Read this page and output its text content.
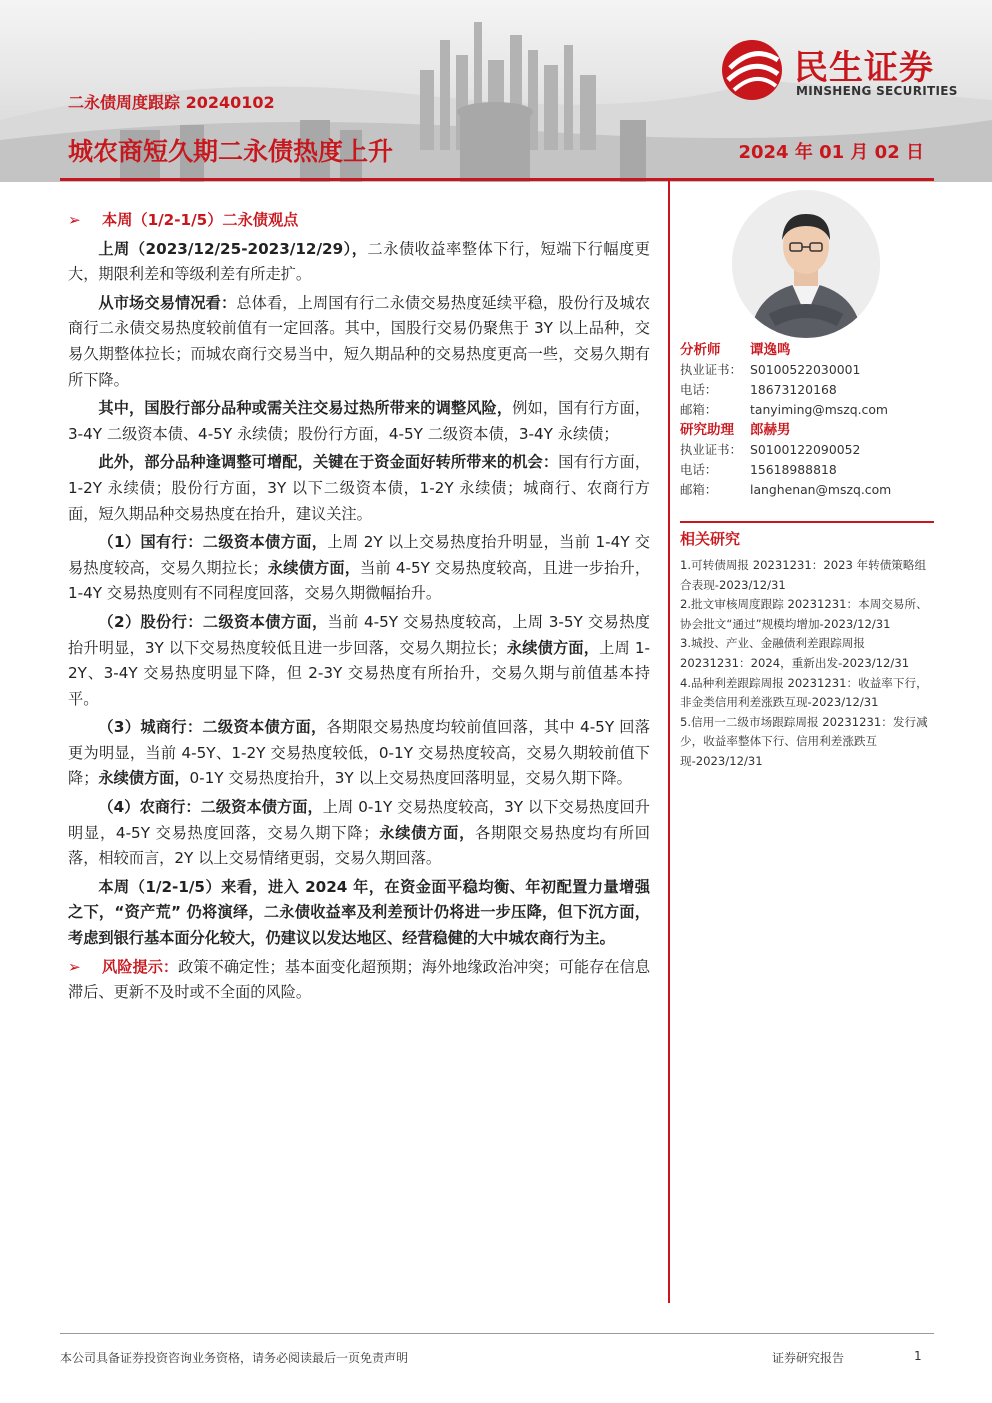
民生证券
MINSHENG SECURITIES
二永债周度跟踪 20240102
城农商短久期二永债热度上升	2024 年 01 月 02 日
➢ 本周（1/2-1/5）二永债观点
上周（2023/12/25-2023/12/29），二永债收益率整体下行，短端下行幅度更大，期限利差和等级利差有所走扩。
从市场交易情况看：总体看，上周国有行二永债交易热度延续平稳，股份行及城农商行二永债交易热度较前值有一定回落。其中，国股行交易仍聚焦于 3Y 以上品种，交易久期整体拉长；而城农商行交易当中，短久期品种的交易热度更高一些，交易久期有所下降。
其中，国股行部分品种或需关注交易过热所带来的调整风险，例如，国有行方面，3-4Y 二级资本债、4-5Y 永续债；股份行方面，4-5Y 二级资本债，3-4Y 永续债；
此外，部分品种逢调整可增配，关键在于资金面好转所带来的机会：国有行方面，1-2Y 永续债；股份行方面，3Y 以下二级资本债，1-2Y 永续债；城商行、农商行方面，短久期品种交易热度在抬升，建议关注。
（1）国有行：二级资本债方面，上周 2Y 以上交易热度抬升明显，当前 1-4Y 交易热度较高，交易久期拉长；永续债方面，当前 4-5Y 交易热度较高，且进一步抬升，1-4Y 交易热度则有不同程度回落，交易久期微幅抬升。
（2）股份行：二级资本债方面，当前 4-5Y 交易热度较高，上周 3-5Y 交易热度抬升明显，3Y 以下交易热度较低且进一步回落，交易久期拉长；永续债方面，上周 1-2Y、3-4Y 交易热度明显下降，但 2-3Y 交易热度有所抬升，交易久期与前值基本持平。
（3）城商行：二级资本债方面，各期限交易热度均较前值回落，其中 4-5Y 回落更为明显，当前 4-5Y、1-2Y 交易热度较低，0-1Y 交易热度较高，交易久期较前值下降；永续债方面，0-1Y 交易热度抬升，3Y 以上交易热度回落明显，交易久期下降。
（4）农商行：二级资本债方面，上周 0-1Y 交易热度较高，3Y 以下交易热度回升明显，4-5Y 交易热度回落，交易久期下降；永续债方面，各期限交易热度均有所回落，相较而言，2Y 以上交易情绪更弱，交易久期回落。
本周（1/2-1/5）来看，进入 2024 年，在资金面平稳均衡、年初配置力量增强之下，“资产荒” 仍将演绎，二永债收益率及利差预计仍将进一步压降，但下沉方面，考虑到银行基本面分化较大，仍建议以发达地区、经营稳健的大中城农商行为主。
➢ 风险提示：政策不确定性；基本面变化超预期；海外地缘政治冲突；可能存在信息滞后、更新不及时或不全面的风险。
分析师 谭逸鸣
执业证书： S0100522030001
电话：	18673120168
邮箱：	tanyiming@mszq.com
研究助理 郎赫男
执业证书： S0100122090052
电话：	15618988818
邮箱：	langhenan@mszq.com
相关研究

1.可转债周报 20231231：2023 年转债策略组合表现-2023/12/31

2.批文审核周度跟踪 20231231：本周交易所、协会批文“通过”规模均增加-2023/12/31

3.城投、产业、金融债利差跟踪周报 20231231：2024，重新出发-2023/12/31

4.品种利差跟踪周报 20231231：收益率下行，非金类信用利差涨跌互现-2023/12/31

5.信用一二级市场跟踪周报 20231231：发行减少，收益率整体下行、信用利差涨跌互现-2023/12/31

本公司具备证券投资咨询业务资格，请务必阅读最后一页免责声明	证券研究报告	1
